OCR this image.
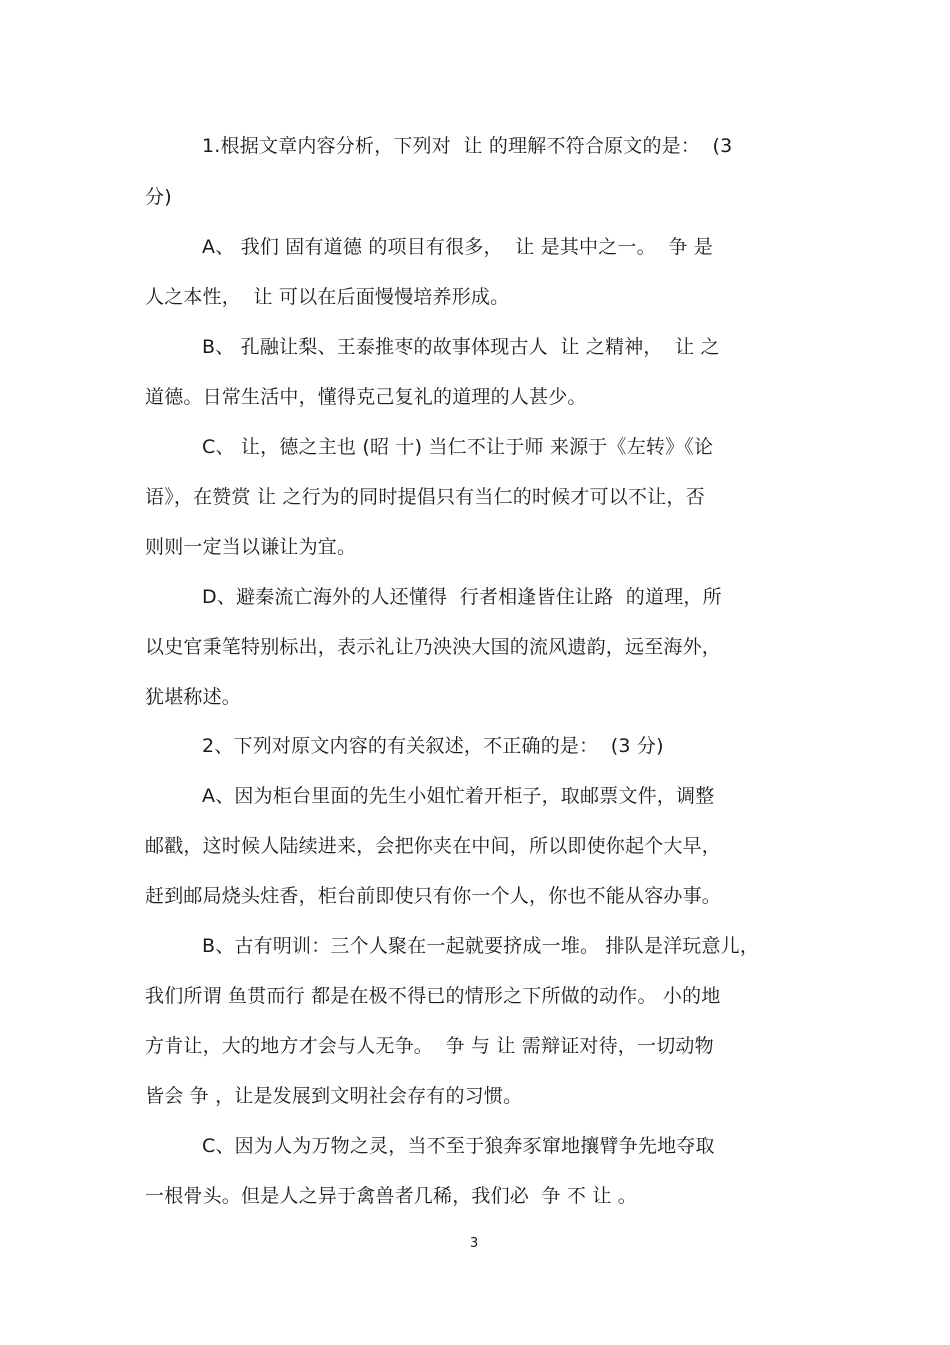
1.根据文章内容分析，下列对  让 的理解不符合原文的是：  (3
分)
A、 我们 固有道德 的项目有很多，  让 是其中之一。  争 是
人之本性，  让 可以在后面慢慢培养形成。
B、 孔融让梨、王泰推枣的故事体现古人  让 之精神，  让 之
道德。日常生活中，懂得克己复礼的道理的人甚少。
C、 让，德之主也 (昭 十) 当仁不让于师 来源于《左转》《论
语》，在赞赏 让 之行为的同时提倡只有当仁的时候才可以不让，否
则则一定当以谦让为宜。
D、避秦流亡海外的人还懂得  行者相逢皆住让路  的道理，所
以史官秉笔特别标出，表示礼让乃泱泱大国的流风遗韵，远至海外，
犹堪称述。
2、下列对原文内容的有关叙述，不正确的是：  (3 分)
A、因为柜台里面的先生小姐忙着开柜子，取邮票文件，调整
邮戳，这时候人陆续进来，会把你夹在中间，所以即使你起个大早，
赶到邮局烧头炷香，柜台前即使只有你一个人，你也不能从容办事。
B、古有明训：三个人聚在一起就要挤成一堆。 排队是洋玩意儿，
我们所谓 鱼贯而行 都是在极不得已的情形之下所做的动作。 小的地
方肯让，大的地方才会与人无争。  争 与 让 需辩证对待，一切动物
皆会 争 ，让是发展到文明社会存有的习惯。
C、因为人为万物之灵，当不至于狼奔豕窜地攘臂争先地夺取
一根骨头。但是人之异于禽兽者几稀，我们必  争 不 让 。
3
